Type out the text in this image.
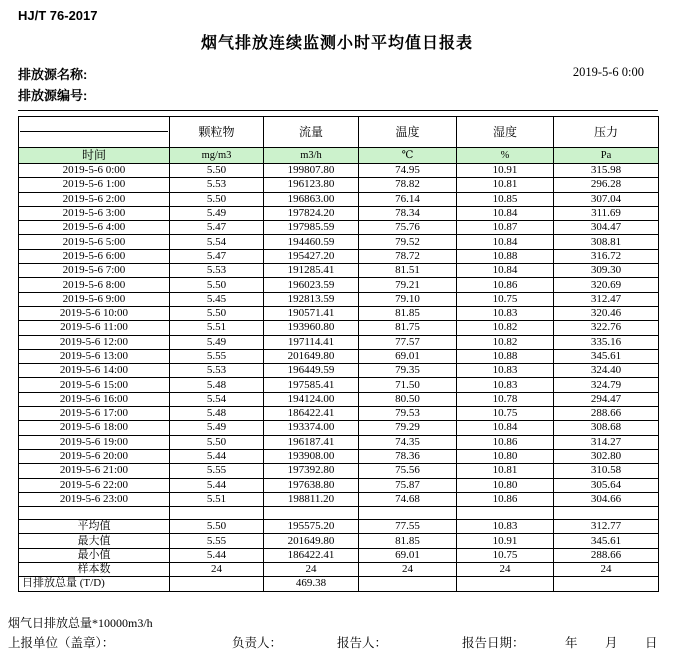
HJ/T 76-2017
烟气排放连续监测小时平均值日报表
排放源名称:	2019-5-6 0:00
排放源编号:
	颗粒物	流量	温度	湿度	压力
时间	mg/m3	m3/h	℃	%	Pa
2019-5-6 0:00	5.50	199807.80	74.95	10.91	315.98
2019-5-6 1:00	5.53	196123.80	78.82	10.81	296.28
2019-5-6 2:00	5.50	196863.00	76.14	10.85	307.04
2019-5-6 3:00	5.49	197824.20	78.34	10.84	311.69
2019-5-6 4:00	5.47	197985.59	75.76	10.87	304.47
2019-5-6 5:00	5.54	194460.59	79.52	10.84	308.81
2019-5-6 6:00	5.47	195427.20	78.72	10.88	316.72
2019-5-6 7:00	5.53	191285.41	81.51	10.84	309.30
2019-5-6 8:00	5.50	196023.59	79.21	10.86	320.69
2019-5-6 9:00	5.45	192813.59	79.10	10.75	312.47
2019-5-6 10:00	5.50	190571.41	81.85	10.83	320.46
2019-5-6 11:00	5.51	193960.80	81.75	10.82	322.76
2019-5-6 12:00	5.49	197114.41	77.57	10.82	335.16
2019-5-6 13:00	5.55	201649.80	69.01	10.88	345.61
2019-5-6 14:00	5.53	196449.59	79.35	10.83	324.40
2019-5-6 15:00	5.48	197585.41	71.50	10.83	324.79
2019-5-6 16:00	5.54	194124.00	80.50	10.78	294.47
2019-5-6 17:00	5.48	186422.41	79.53	10.75	288.66
2019-5-6 18:00	5.49	193374.00	79.29	10.84	308.68
2019-5-6 19:00	5.50	196187.41	74.35	10.86	314.27
2019-5-6 20:00	5.44	193908.00	78.36	10.80	302.80
2019-5-6 21:00	5.55	197392.80	75.56	10.81	310.58
2019-5-6 22:00	5.44	197638.80	75.87	10.80	305.64
2019-5-6 23:00	5.51	198811.20	74.68	10.86	304.66

平均值	5.50	195575.20	77.55	10.83	312.77
最大值	5.55	201649.80	81.85	10.91	345.61
最小值	5.44	186422.41	69.01	10.75	288.66
样本数	24	24	24	24	24
日排放总量 (T/D)		469.38			
烟气日排放总量*10000m3/h
上报单位（盖章）：	负责人：	报告人：	报告日期：	年 月 日
